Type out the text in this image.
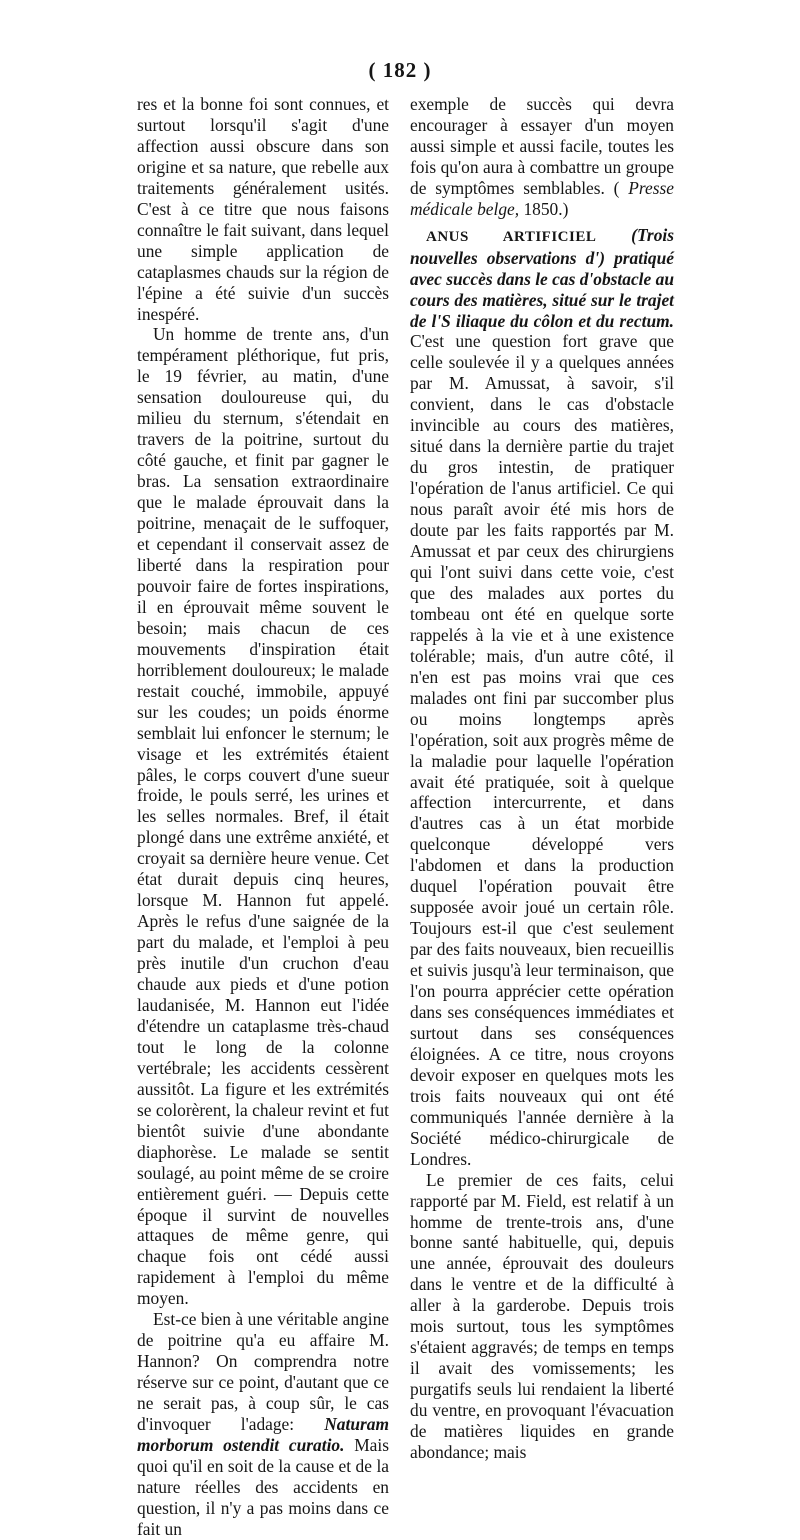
( 182 )

res et la bonne foi sont connues, et surtout lorsqu'il s'agit d'une affection aussi obscure dans son origine et sa nature, que rebelle aux traitements généralement usités. C'est à ce titre que nous faisons connaître le fait suivant, dans lequel une simple application de cataplasmes chauds sur la région de l'épine a été suivie d'un succès inespéré.

Un homme de trente ans, d'un tempérament pléthorique, fut pris, le 19 février, au matin, d'une sensation douloureuse qui, du milieu du sternum, s'étendait en travers de la poitrine, surtout du côté gauche, et finit par gagner le bras. La sensation extraordinaire que le malade éprouvait dans la poitrine, menaçait de le suffoquer, et cependant il conservait assez de liberté dans la respiration pour pouvoir faire de fortes inspirations, il en éprouvait même souvent le besoin; mais chacun de ces mouvements d'inspiration était horriblement douloureux; le malade restait couché, immobile, appuyé sur les coudes; un poids énorme semblait lui enfoncer le sternum; le visage et les extrémités étaient pâles, le corps couvert d'une sueur froide, le pouls serré, les urines et les selles normales. Bref, il était plongé dans une extrême anxiété, et croyait sa dernière heure venue. Cet état durait depuis cinq heures, lorsque M. Hannon fut appelé. Après le refus d'une saignée de la part du malade, et l'emploi à peu près inutile d'un cruchon d'eau chaude aux pieds et d'une potion laudanisée, M. Hannon eut l'idée d'étendre un cataplasme très-chaud tout le long de la colonne vertébrale; les accidents cessèrent aussitôt. La figure et les extrémités se colorèrent, la chaleur revint et fut bientôt suivie d'une abondante diaphorèse. Le malade se sentit soulagé, au point même de se croire entièrement guéri. — Depuis cette époque il survint de nouvelles attaques de même genre, qui chaque fois ont cédé aussi rapidement à l'emploi du même moyen.

Est-ce bien à une véritable angine de poitrine qu'a eu affaire M. Hannon? On comprendra notre réserve sur ce point, d'autant que ce ne serait pas, à coup sûr, le cas d'invoquer l'adage: Naturam morborum ostendit curatio. Mais quoi qu'il en soit de la cause et de la nature réelles des accidents en question, il n'y a pas moins dans ce fait un

exemple de succès qui devra encourager à essayer d'un moyen aussi simple et aussi facile, toutes les fois qu'on aura à combattre un groupe de symptômes semblables. ( Presse médicale belge, 1850.)

ANUS ARTIFICIEL (Trois nouvelles observations d') pratiqué avec succès dans le cas d'obstacle au cours des matières, situé sur le trajet de l'S iliaque du côlon et du rectum. C'est une question fort grave que celle soulevée il y a quelques années par M. Amussat, à savoir, s'il convient, dans le cas d'obstacle invincible au cours des matières, situé dans la dernière partie du trajet du gros intestin, de pratiquer l'opération de l'anus artificiel. Ce qui nous paraît avoir été mis hors de doute par les faits rapportés par M. Amussat et par ceux des chirurgiens qui l'ont suivi dans cette voie, c'est que des malades aux portes du tombeau ont été en quelque sorte rappelés à la vie et à une existence tolérable; mais, d'un autre côté, il n'en est pas moins vrai que ces malades ont fini par succomber plus ou moins longtemps après l'opération, soit aux progrès même de la maladie pour laquelle l'opération avait été pratiquée, soit à quelque affection intercurrente, et dans d'autres cas à un état morbide quelconque développé vers l'abdomen et dans la production duquel l'opération pouvait être supposée avoir joué un certain rôle. Toujours est-il que c'est seulement par des faits nouveaux, bien recueillis et suivis jusqu'à leur terminaison, que l'on pourra apprécier cette opération dans ses conséquences immédiates et surtout dans ses conséquences éloignées. A ce titre, nous croyons devoir exposer en quelques mots les trois faits nouveaux qui ont été communiqués l'année dernière à la Société médico-chirurgicale de Londres.

Le premier de ces faits, celui rapporté par M. Field, est relatif à un homme de trente-trois ans, d'une bonne santé habituelle, qui, depuis une année, éprouvait des douleurs dans le ventre et de la difficulté à aller à la garderobe. Depuis trois mois surtout, tous les symptômes s'étaient aggravés; de temps en temps il avait des vomissements; les purgatifs seuls lui rendaient la liberté du ventre, en provoquant l'évacuation de matières liquides en grande abondance; mais
